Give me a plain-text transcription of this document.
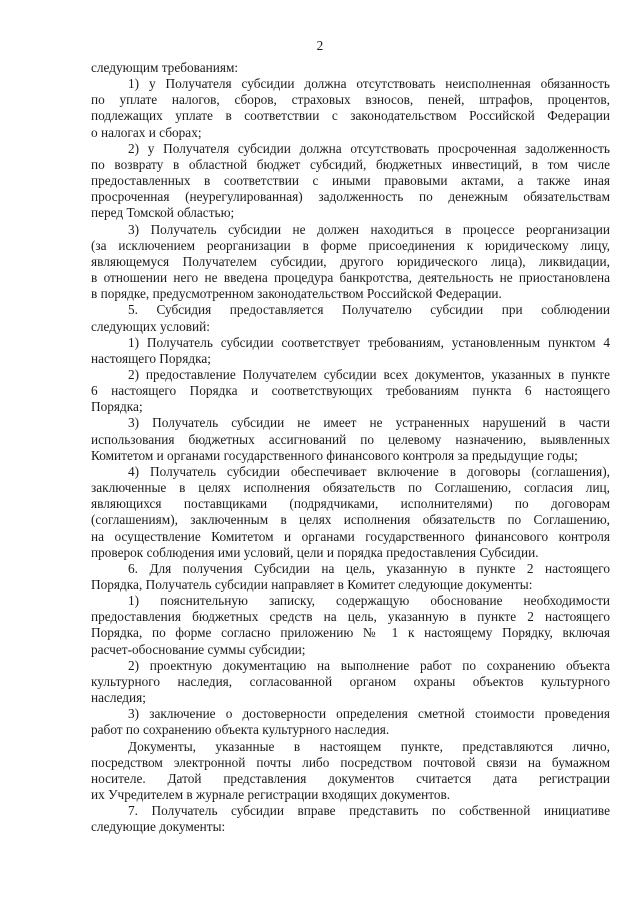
2
следующим требованиям:
1) у Получателя субсидии должна отсутствовать неисполненная обязанность
по уплате налогов, сборов, страховых взносов, пеней, штрафов, процентов,
подлежащих уплате в соответствии с законодательством Российской Федерации
о налогах и сборах;
2) у Получателя субсидии должна отсутствовать просроченная задолженность
по возврату в областной бюджет субсидий, бюджетных инвестиций, в том числе
предоставленных в соответствии с иными правовыми актами, а также иная
просроченная (неурегулированная) задолженность по денежным обязательствам
перед Томской областью;
3) Получатель субсидии не должен находиться в процессе реорганизации
(за исключением реорганизации в форме присоединения к юридическому лицу,
являющемуся Получателем субсидии, другого юридического лица), ликвидации,
в отношении него не введена процедура банкротства, деятельность не приостановлена
в порядке, предусмотренном законодательством Российской Федерации.
5. Субсидия предоставляется Получателю субсидии при соблюдении
следующих условий:
1) Получатель субсидии соответствует требованиям, установленным пунктом 4
настоящего Порядка;
2) предоставление Получателем субсидии всех документов, указанных в пункте
6 настоящего Порядка и соответствующих требованиям пункта 6 настоящего
Порядка;
3) Получатель субсидии не имеет не устраненных нарушений в части
использования бюджетных ассигнований по целевому назначению, выявленных
Комитетом и органами государственного финансового контроля за предыдущие годы;
4) Получатель субсидии обеспечивает включение в договоры (соглашения),
заключенные в целях исполнения обязательств по Соглашению, согласия лиц,
являющихся поставщиками (подрядчиками, исполнителями) по договорам
(соглашениям), заключенным в целях исполнения обязательств по Соглашению,
на осуществление Комитетом и органами государственного финансового контроля
проверок соблюдения ими условий, цели и порядка предоставления Субсидии.
6. Для получения Субсидии на цель, указанную в пункте 2 настоящего
Порядка, Получатель субсидии направляет в Комитет следующие документы:
1) пояснительную записку, содержащую обоснование необходимости
предоставления бюджетных средств на цель, указанную в пункте 2 настоящего
Порядка, по форме согласно приложению № 1 к настоящему Порядку, включая
расчет-обоснование суммы субсидии;
2) проектную документацию на выполнение работ по сохранению объекта
культурного наследия, согласованной органом охраны объектов культурного
наследия;
3) заключение о достоверности определения сметной стоимости проведения
работ по сохранению объекта культурного наследия.
Документы, указанные в настоящем пункте, представляются лично,
посредством электронной почты либо посредством почтовой связи на бумажном
носителе. Датой представления документов считается дата регистрации
их Учредителем в журнале регистрации входящих документов.
7. Получатель субсидии вправе представить по собственной инициативе
следующие документы:
